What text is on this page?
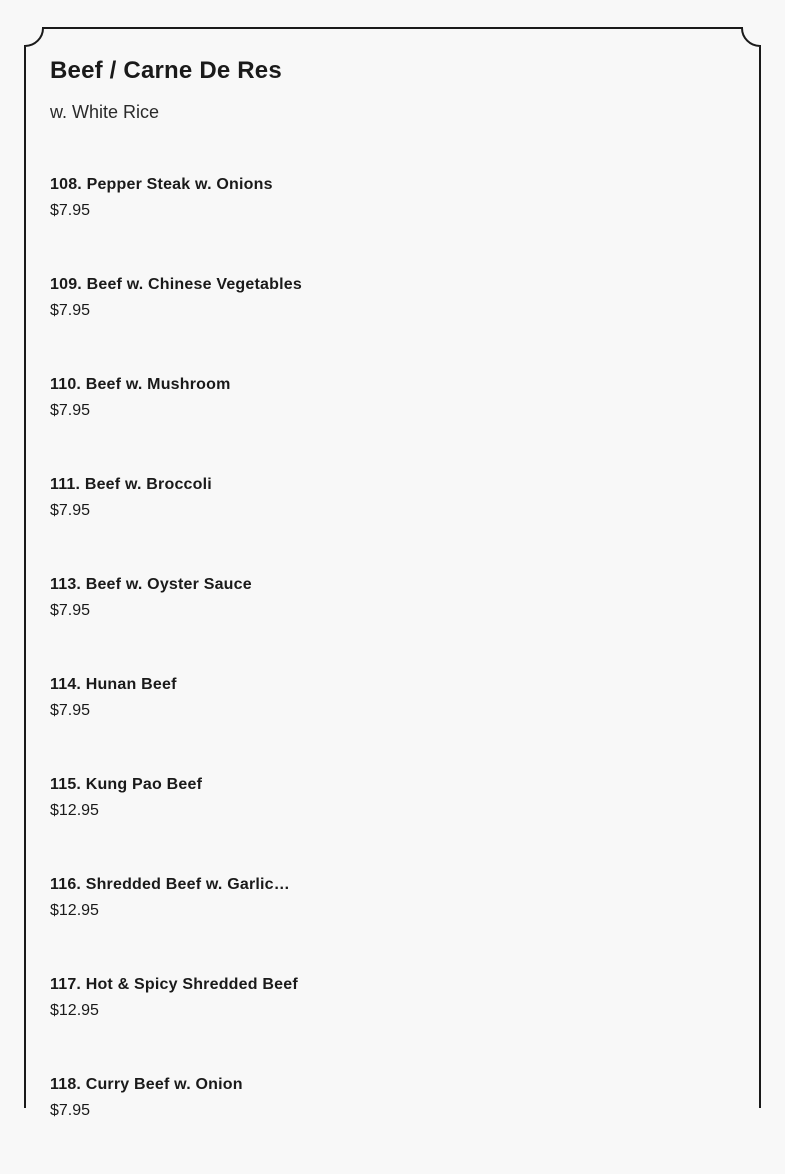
Beef / Carne De Res

w. White Rice

108. Pepper Steak w. Onions
$7.95
109. Beef w. Chinese Vegetables
$7.95
110. Beef w. Mushroom
$7.95
111. Beef w. Broccoli
$7.95
113. Beef w. Oyster Sauce
$7.95
114. Hunan Beef
$7.95
115. Kung Pao Beef
$12.95
116. Shredded Beef w. Garlic…
$12.95
117. Hot & Spicy Shredded Beef
$12.95
118. Curry Beef w. Onion
$7.95
